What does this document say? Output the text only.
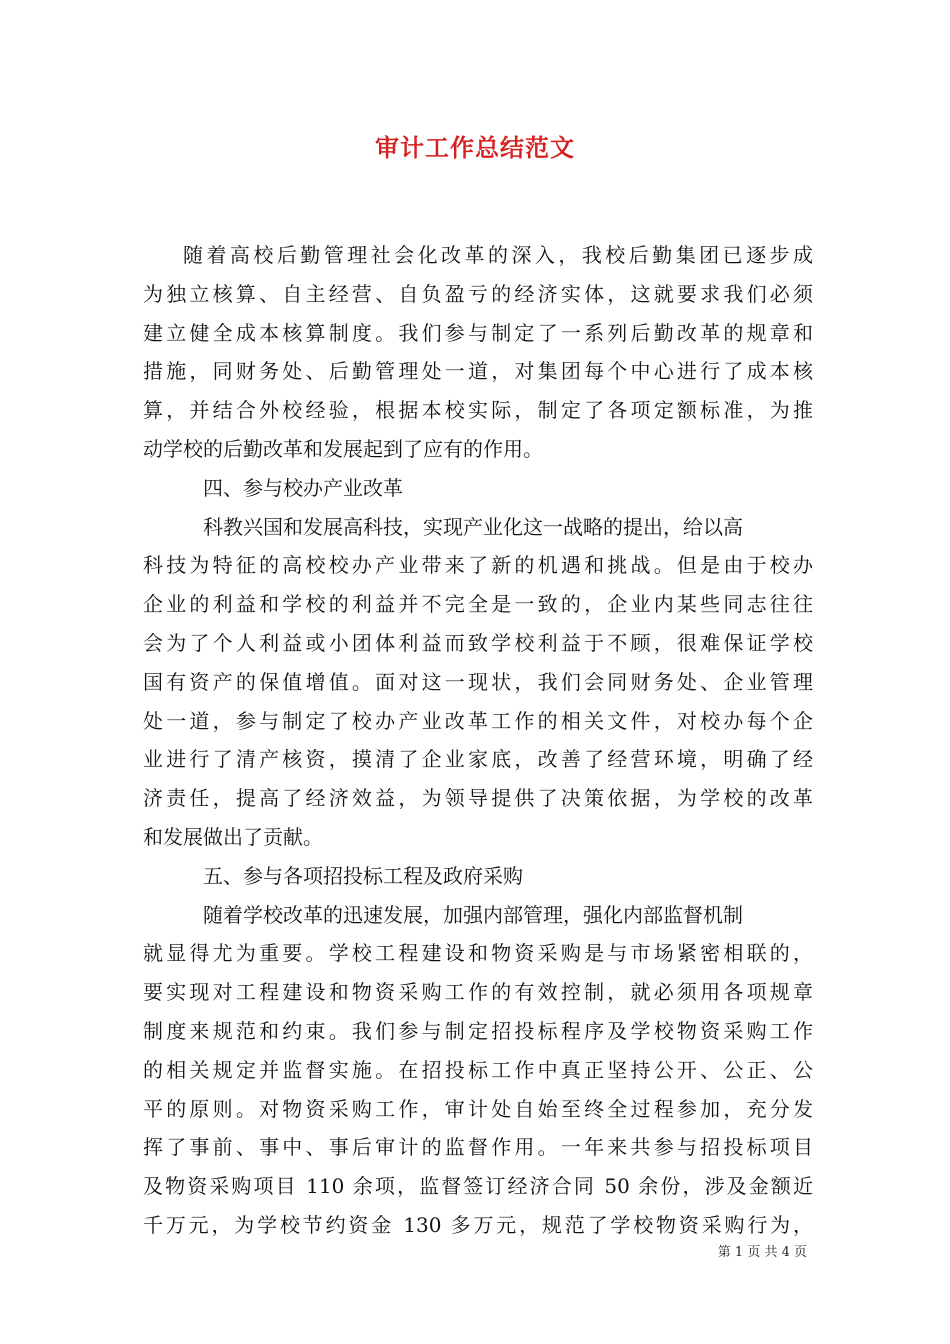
审计工作总结范文
随着高校后勤管理社会化改革的深入，我校后勤集团已逐步成
为独立核算、自主经营、自负盈亏的经济实体，这就要求我们必须
建立健全成本核算制度。我们参与制定了一系列后勤改革的规章和
措施，同财务处、后勤管理处一道，对集团每个中心进行了成本核
算，并结合外校经验，根据本校实际，制定了各项定额标准，为推
动学校的后勤改革和发展起到了应有的作用。
四、参与校办产业改革
科教兴国和发展高科技，实现产业化这一战略的提出，给以高
科技为特征的高校校办产业带来了新的机遇和挑战。但是由于校办
企业的利益和学校的利益并不完全是一致的，企业内某些同志往往
会为了个人利益或小团体利益而致学校利益于不顾，很难保证学校
国有资产的保值增值。面对这一现状，我们会同财务处、企业管理
处一道，参与制定了校办产业改革工作的相关文件，对校办每个企
业进行了清产核资，摸清了企业家底，改善了经营环境，明确了经
济责任，提高了经济效益，为领导提供了决策依据，为学校的改革
和发展做出了贡献。
五、参与各项招投标工程及政府采购
随着学校改革的迅速发展，加强内部管理，强化内部监督机制
就显得尤为重要。学校工程建设和物资采购是与市场紧密相联的，
要实现对工程建设和物资采购工作的有效控制，就必须用各项规章
制度来规范和约束。我们参与制定招投标程序及学校物资采购工作
的相关规定并监督实施。在招投标工作中真正坚持公开、公正、公
平的原则。对物资采购工作，审计处自始至终全过程参加，充分发
挥了事前、事中、事后审计的监督作用。一年来共参与招投标项目
及物资采购项目 110 余项，监督签订经济合同 50 余份，涉及金额近
千万元，为学校节约资金 130 多万元，规范了学校物资采购行为，
第 1 页 共 4 页
